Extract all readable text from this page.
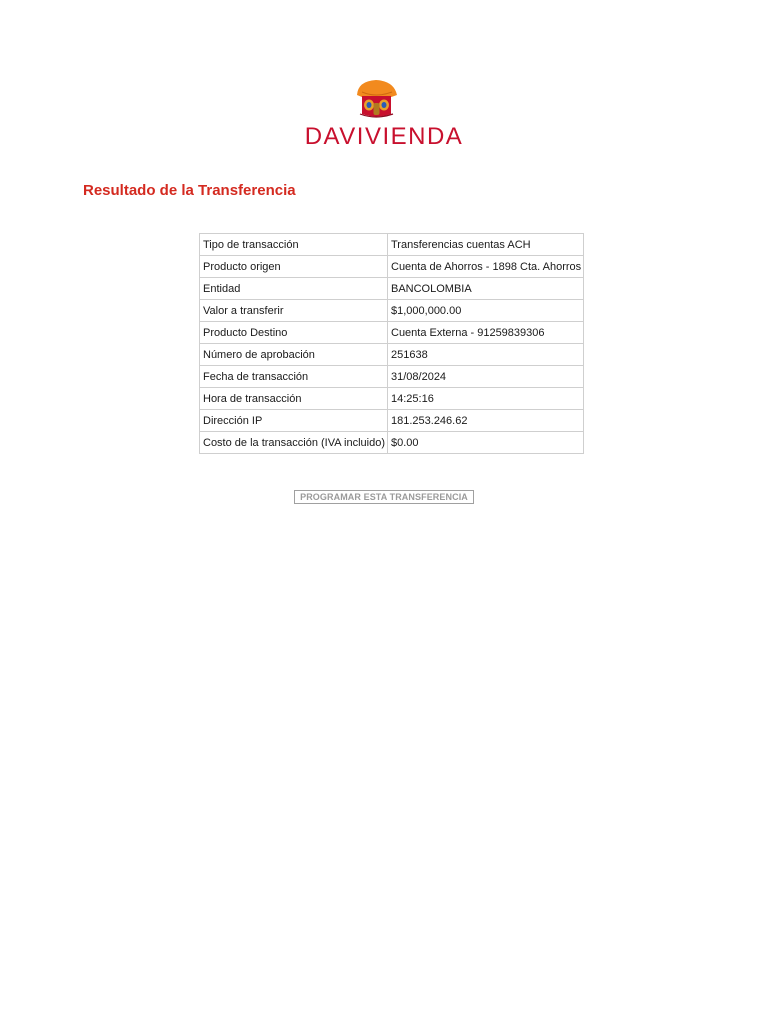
DAVIVIENDA
Resultado de la Transferencia
Tipo de transacción	Transferencias cuentas ACH
Producto origen	Cuenta de Ahorros - 1898 Cta. Ahorros
Entidad	BANCOLOMBIA
Valor a transferir	$1,000,000.00
Producto Destino	Cuenta Externa - 91259839306
Número de aprobación	251638
Fecha de transacción	31/08/2024
Hora de transacción	14:25:16
Dirección IP	181.253.246.62
Costo de la transacción (IVA incluido)	$0.00
PROGRAMAR ESTA TRANSFERENCIA
